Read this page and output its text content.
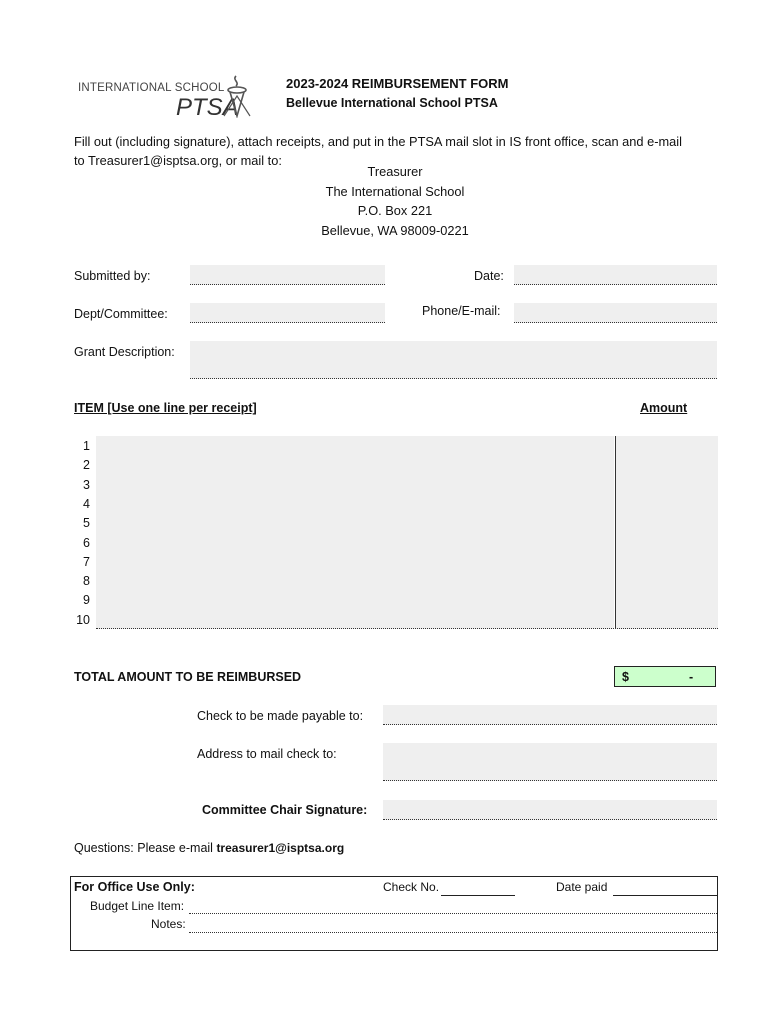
INTERNATIONAL SCHOOL
PTSA
2023-2024 REIMBURSEMENT FORM
Bellevue International School PTSA
Fill out (including signature), attach receipts, and put in the PTSA mail slot in IS front office, scan and e-mail
to Treasurer1@isptsa.org, or mail to:
Treasurer
The International School
P.O. Box 221
Bellevue, WA 98009-0221
Submitted by:	Date:
Dept/Committee:	Phone/E-mail:
Grant Description:
ITEM [Use one line per receipt]	Amount
1
2
3
4
5
6
7
8
9
10
TOTAL AMOUNT TO BE REIMBURSED	$	-
Check to be made payable to:
Address to mail check to:
Committee Chair Signature:
Questions: Please e-mail treasurer1@isptsa.org
For Office Use Only:	Check No.	Date paid
Budget Line Item:
Notes:
